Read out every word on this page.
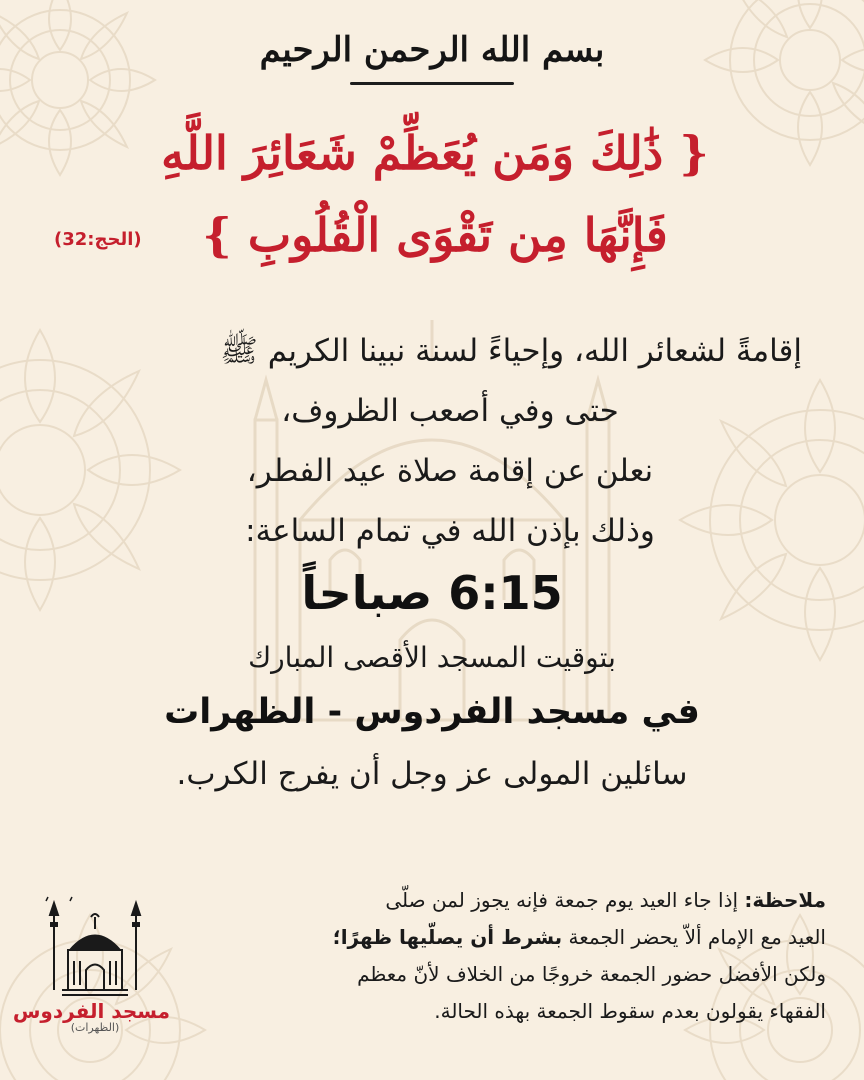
بسم الله الرحمن الرحيم
{ ذَٰلِكَ وَمَن يُعَظِّمْ شَعَائِرَ اللَّهِ
فَإِنَّهَا مِن تَقْوَى الْقُلُوبِ }
(الحج:32)
إقامةً لشعائر الله، وإحياءً لسنة نبينا الكريم ﷺ
حتى وفي أصعب الظروف،
نعلن عن إقامة صلاة عيد الفطر،
وذلك بإذن الله في تمام الساعة:
6:15 صباحاً
بتوقيت المسجد الأقصى المبارك
في مسجد الفردوس - الظهرات
سائلين المولى عز وجل أن يفرج الكرب.
ملاحظة: إذا جاء العيد يوم جمعة فإنه يجوز لمن صلّى
العيد مع الإمام ألاّ يحضر الجمعة بشرط أن يصلّيها ظهرًا؛
ولكن الأفضل حضور الجمعة خروجًا من الخلاف لأنّ معظم
الفقهاء يقولون بعدم سقوط الجمعة بهذه الحالة.
مسجد الفردوس
(الظهرات)
